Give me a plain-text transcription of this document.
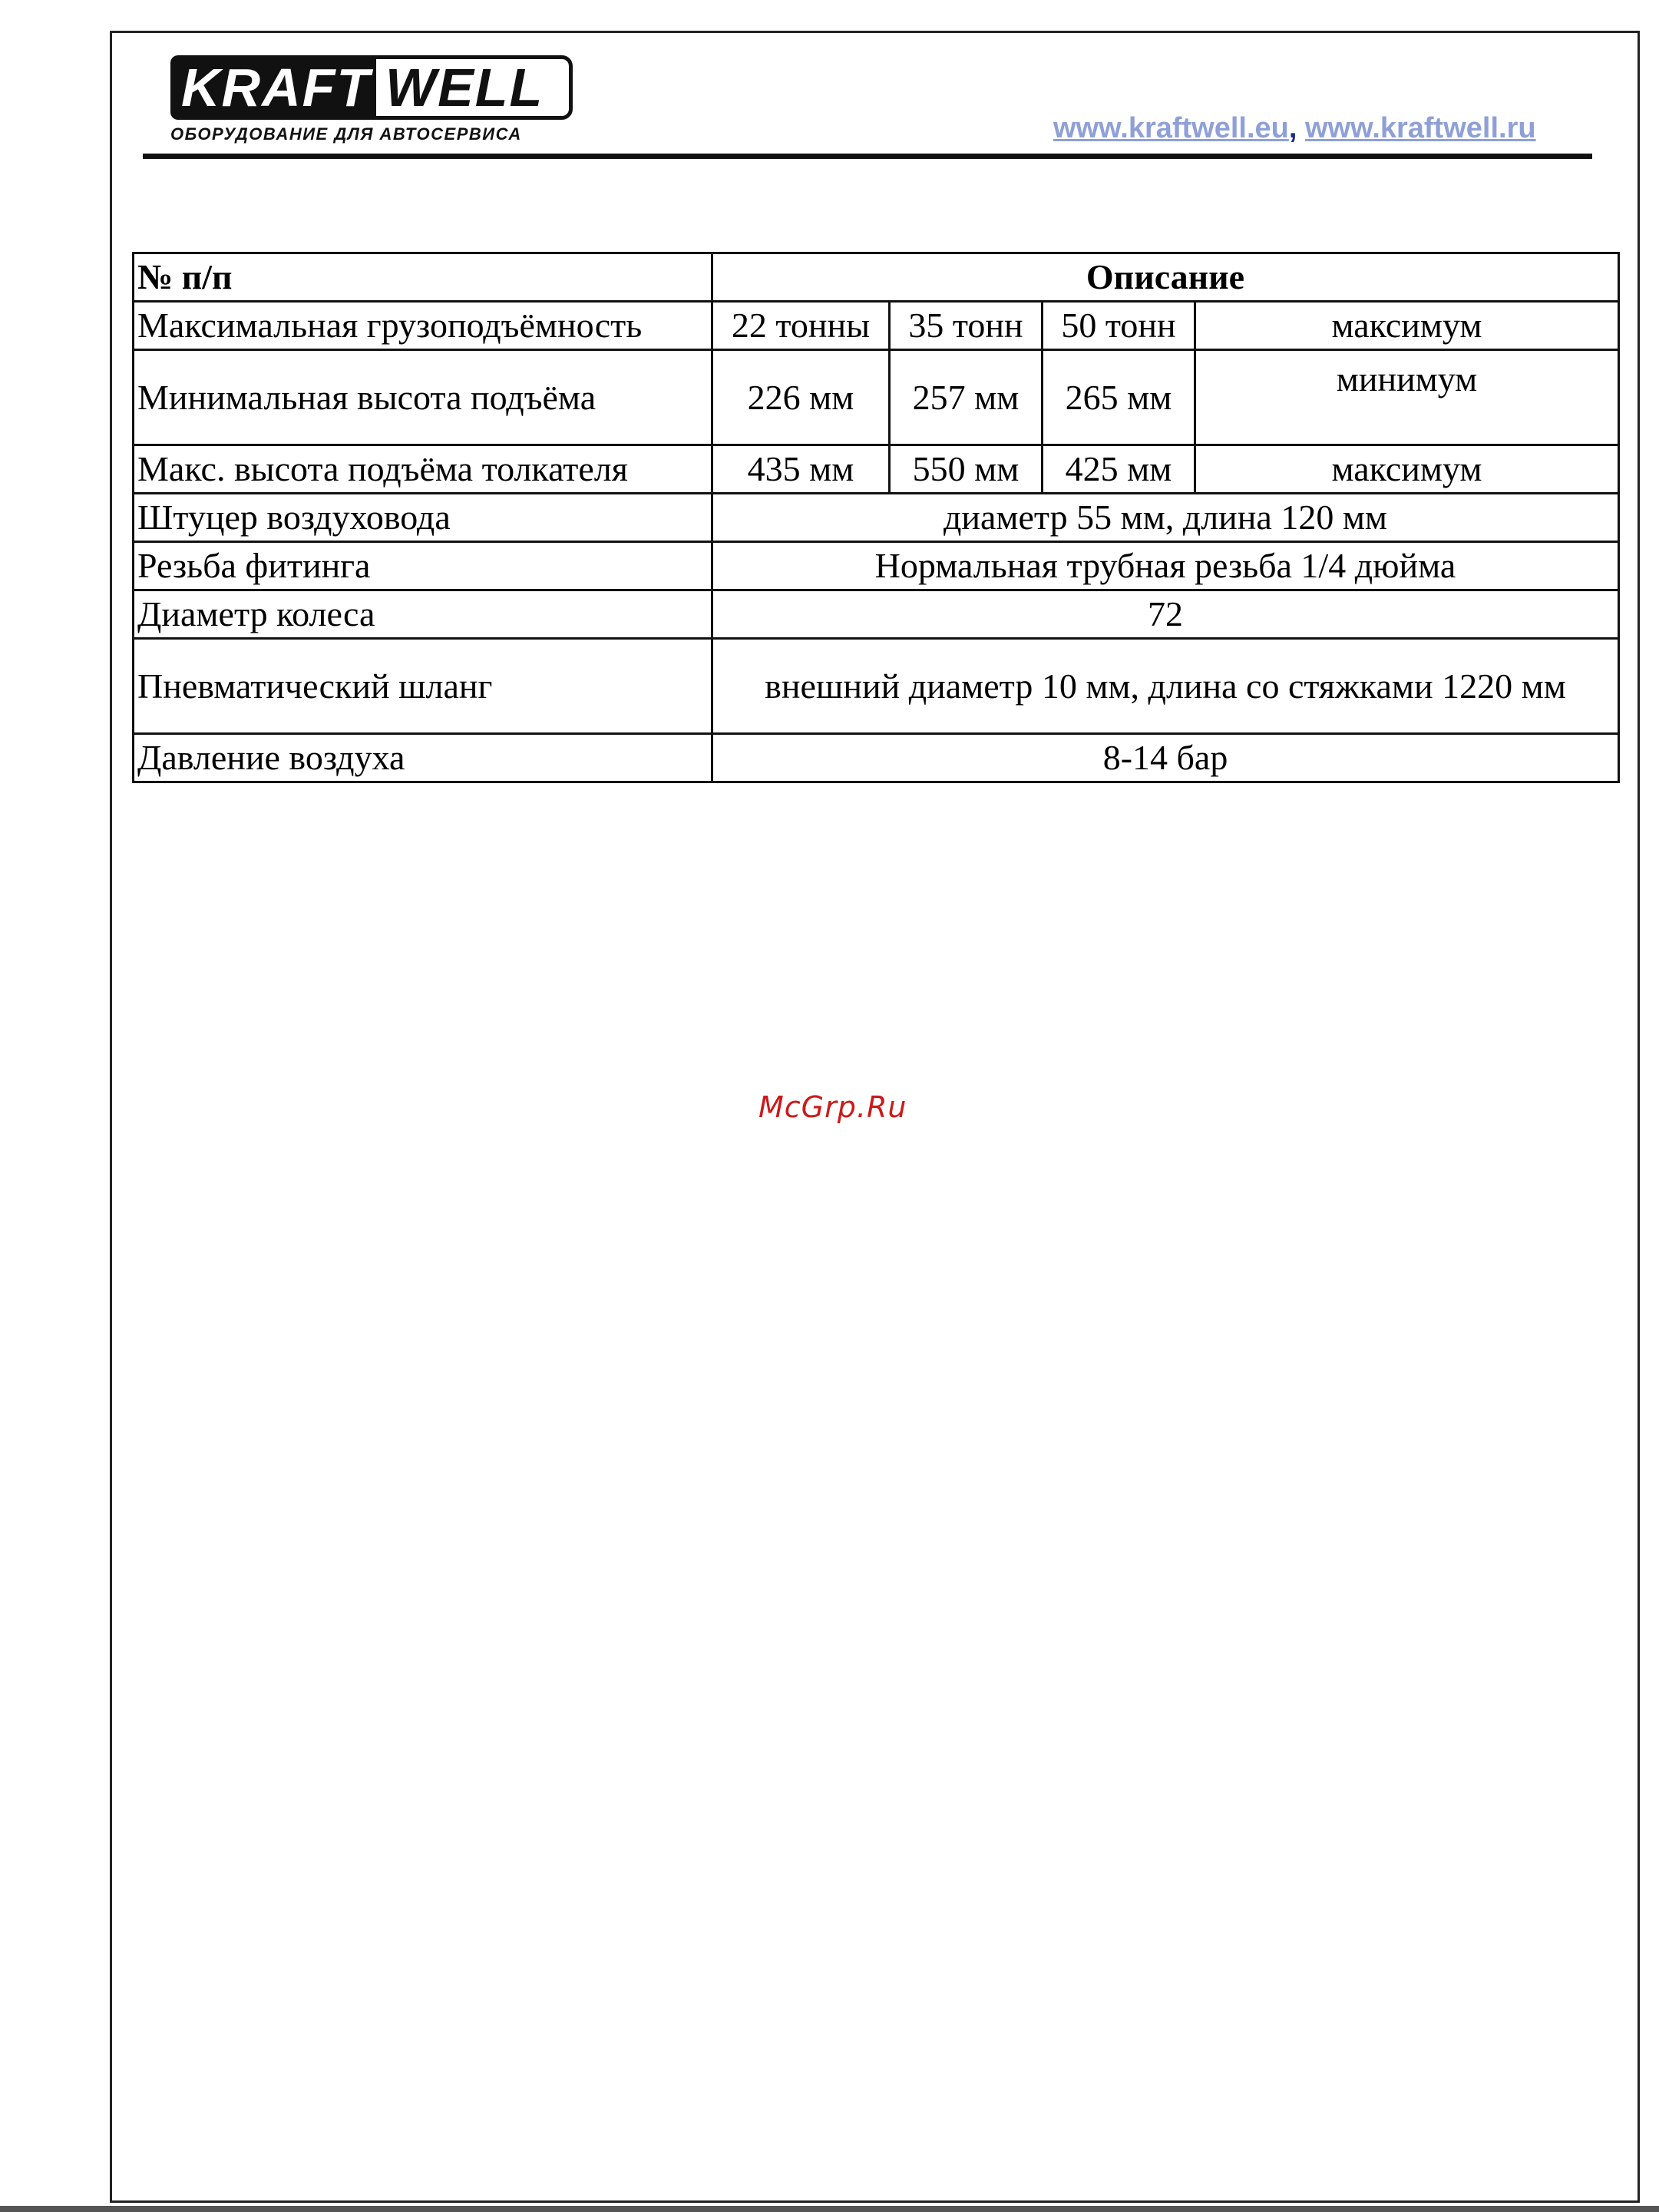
KRAFT WELL
ОБОРУДОВАНИЕ ДЛЯ АВТОСЕРВИСА	www.kraftwell.eu, www.kraftwell.ru
№ п/п	Описание			
Максимальная грузоподъёмность	22 тонны	35 тонн	50 тонн	максимум
Минимальная высота подъёма	226 мм	257 мм	265 мм	минимум
Макс. высота подъёма толкателя	435 мм	550 мм	425 мм	максимум
Штуцер воздуховода	диаметр 55 мм, длина 120 мм			
Резьба фитинга	Нормальная трубная резьба 1/4 дюйма			
Диаметр колеса	72			
Пневматический шланг	внешний диаметр 10 мм, длина со стяжками 1220 мм			
Давление воздуха	8-14 бар			
McGrp.Ru
